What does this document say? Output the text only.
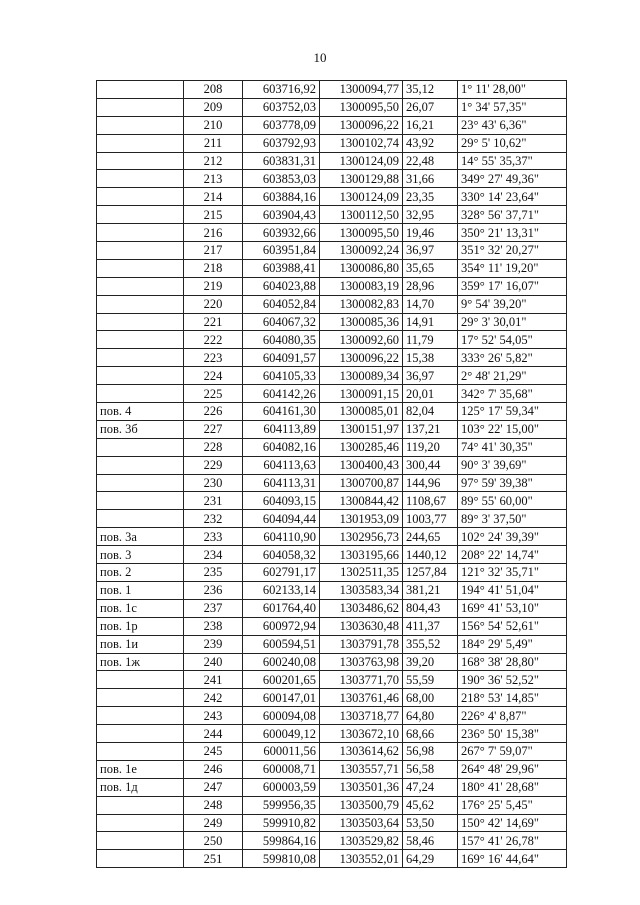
10
	208	603716,92	1300094,77	35,12	1° 11' 28,00"
	209	603752,03	1300095,50	26,07	1° 34' 57,35"
	210	603778,09	1300096,22	16,21	23° 43' 6,36"
	211	603792,93	1300102,74	43,92	29° 5' 10,62"
	212	603831,31	1300124,09	22,48	14° 55' 35,37"
	213	603853,03	1300129,88	31,66	349° 27' 49,36"
	214	603884,16	1300124,09	23,35	330° 14' 23,64"
	215	603904,43	1300112,50	32,95	328° 56' 37,71"
	216	603932,66	1300095,50	19,46	350° 21' 13,31"
	217	603951,84	1300092,24	36,97	351° 32' 20,27"
	218	603988,41	1300086,80	35,65	354° 11' 19,20"
	219	604023,88	1300083,19	28,96	359° 17' 16,07"
	220	604052,84	1300082,83	14,70	9° 54' 39,20"
	221	604067,32	1300085,36	14,91	29° 3' 30,01"
	222	604080,35	1300092,60	11,79	17° 52' 54,05"
	223	604091,57	1300096,22	15,38	333° 26' 5,82"
	224	604105,33	1300089,34	36,97	2° 48' 21,29"
	225	604142,26	1300091,15	20,01	342° 7' 35,68"
пов. 4	226	604161,30	1300085,01	82,04	125° 17' 59,34"
пов. 3б	227	604113,89	1300151,97	137,21	103° 22' 15,00"
	228	604082,16	1300285,46	119,20	74° 41' 30,35"
	229	604113,63	1300400,43	300,44	90° 3' 39,69"
	230	604113,31	1300700,87	144,96	97° 59' 39,38"
	231	604093,15	1300844,42	1108,67	89° 55' 60,00"
	232	604094,44	1301953,09	1003,77	89° 3' 37,50"
пов. 3а	233	604110,90	1302956,73	244,65	102° 24' 39,39"
пов. 3	234	604058,32	1303195,66	1440,12	208° 22' 14,74"
пов. 2	235	602791,17	1302511,35	1257,84	121° 32' 35,71"
пов. 1	236	602133,14	1303583,34	381,21	194° 41' 51,04"
пов. 1с	237	601764,40	1303486,62	804,43	169° 41' 53,10"
пов. 1р	238	600972,94	1303630,48	411,37	156° 54' 52,61"
пов. 1и	239	600594,51	1303791,78	355,52	184° 29' 5,49"
пов. 1ж	240	600240,08	1303763,98	39,20	168° 38' 28,80"
	241	600201,65	1303771,70	55,59	190° 36' 52,52"
	242	600147,01	1303761,46	68,00	218° 53' 14,85"
	243	600094,08	1303718,77	64,80	226° 4' 8,87"
	244	600049,12	1303672,10	68,66	236° 50' 15,38"
	245	600011,56	1303614,62	56,98	267° 7' 59,07"
пов. 1е	246	600008,71	1303557,71	56,58	264° 48' 29,96"
пов. 1д	247	600003,59	1303501,36	47,24	180° 41' 28,68"
	248	599956,35	1303500,79	45,62	176° 25' 5,45"
	249	599910,82	1303503,64	53,50	150° 42' 14,69"
	250	599864,16	1303529,82	58,46	157° 41' 26,78"
	251	599810,08	1303552,01	64,29	169° 16' 44,64"
